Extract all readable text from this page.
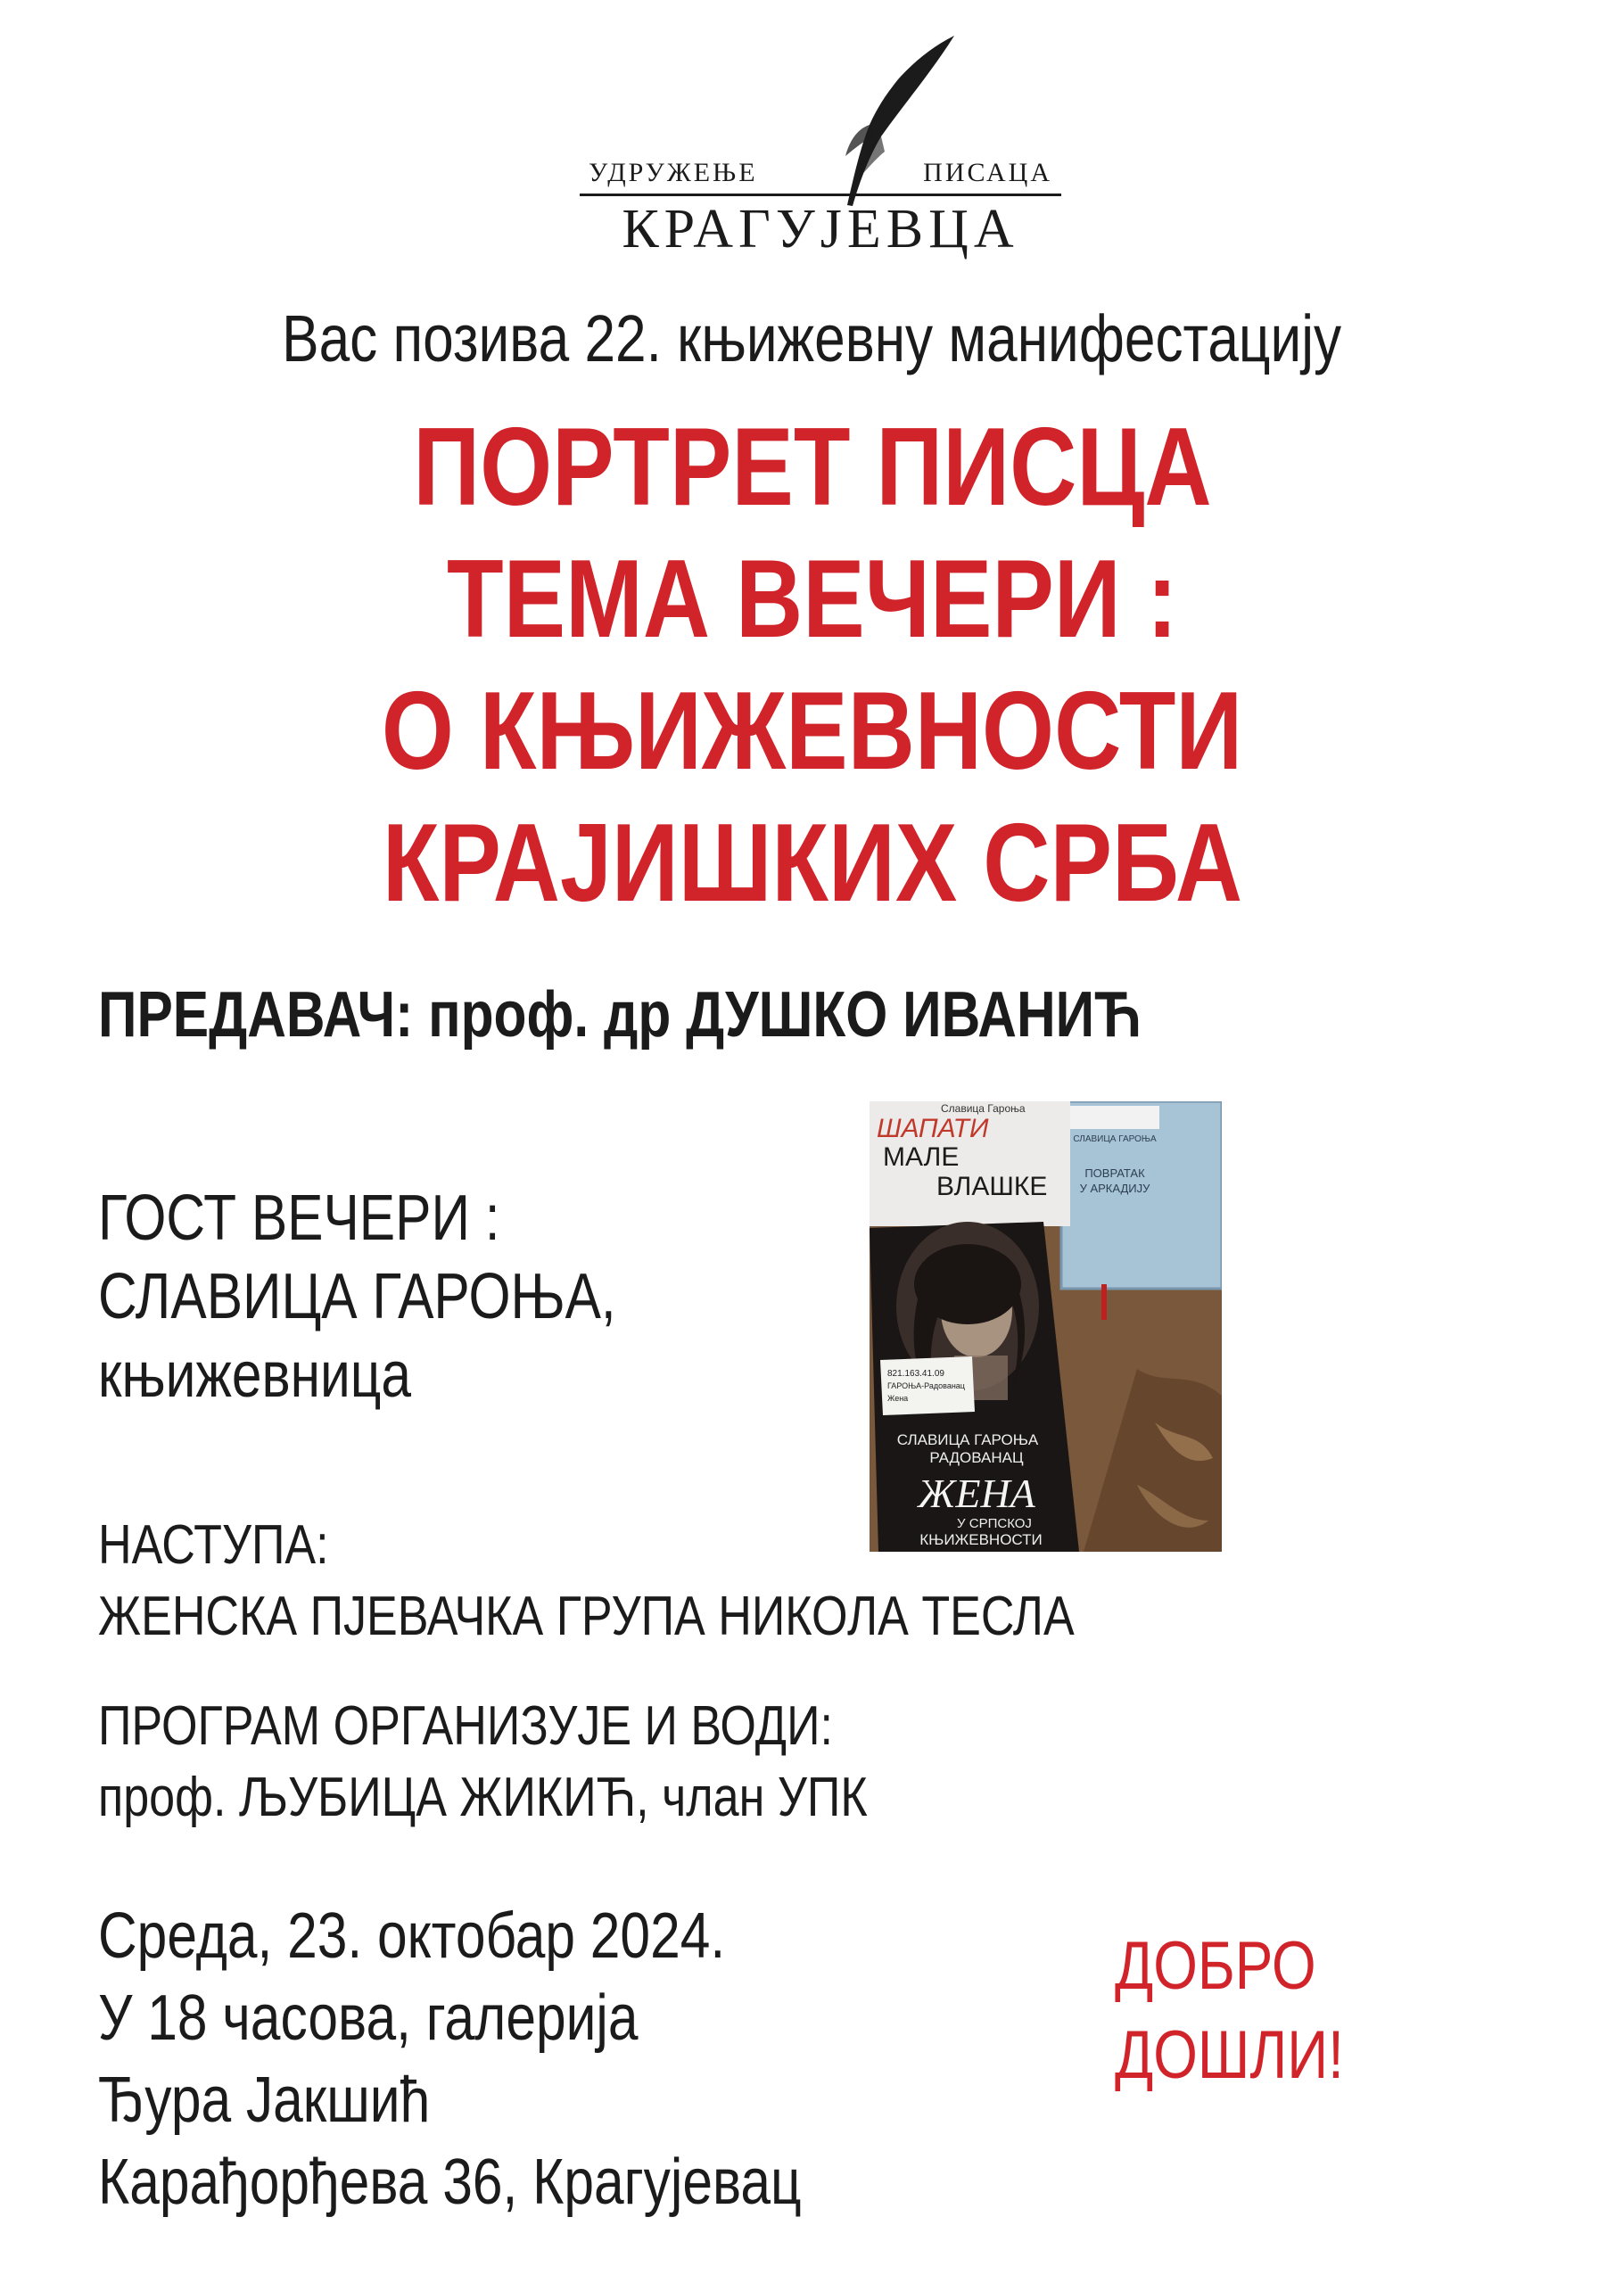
УДРУЖЕЊЕ	ПИСАЦА
КРАГУЈЕВЦА
Вас позива 22. књижевну манифестацију
ПОРТРЕТ ПИСЦА
ТЕМА ВЕЧЕРИ :
О КЊИЖЕВНОСТИ
КРАЈИШКИХ СРБА
ПРЕДАВАЧ: проф. др ДУШКО ИВАНИЋ
ГОСТ ВЕЧЕРИ :
СЛАВИЦА ГАРОЊА,
књижевница
СЛАВИЦА ГАРОЊА
ПОВРАТАК
У АРКАДИЈУ
Славица Гароња
ШАПАТИ
МАЛЕ
ВЛАШКЕ
821.163.41.09
ГАРОЊА-Радованац
Жена
СЛАВИЦА ГАРОЊА
РАДОВАНАЦ
ЖЕНА
У СРПСКОЈ
КЊИЖЕВНОСТИ
НАСТУПА:
ЖЕНСКА ПЈЕВАЧКА ГРУПА НИКОЛА ТЕСЛА
ПРОГРАМ ОРГАНИЗУЈЕ И ВОДИ:
проф. ЉУБИЦА ЖИКИЋ, члан УПК
Среда, 23. октобар 2024.
У 18 часова, галерија
Ђура Јакшић
Карађорђева 36, Крагујевац
ДОБРО
ДОШЛИ!
